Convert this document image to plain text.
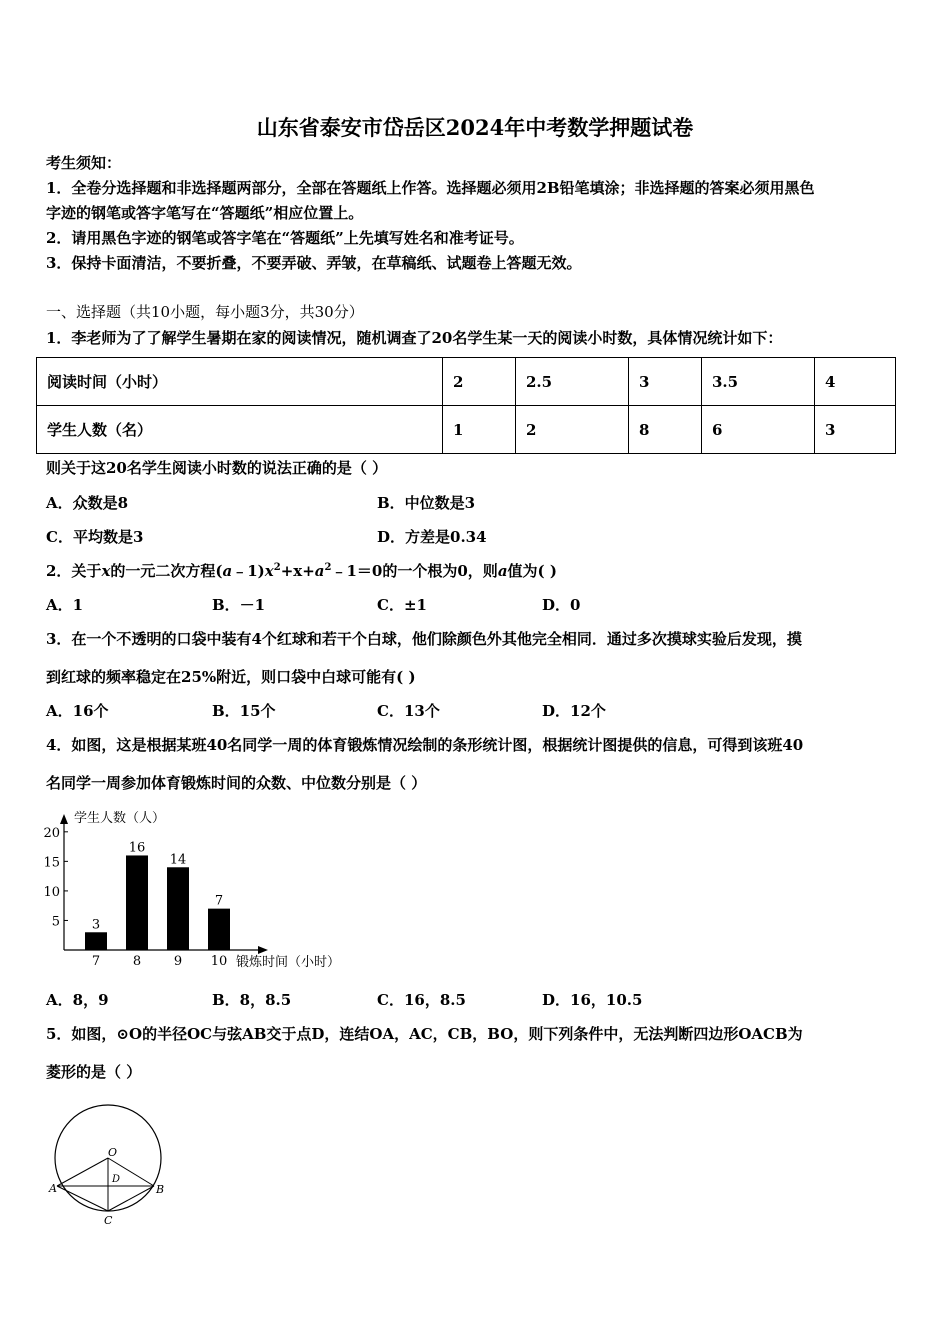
山东省泰安市岱岳区2024年中考数学押题试卷
考生须知：
1．全卷分选择题和非选择题两部分，全部在答题纸上作答。选择题必须用2B铅笔填涂；非选择题的答案必须用黑色
字迹的钢笔或答字笔写在“答题纸”相应位置上。
2．请用黑色字迹的钢笔或答字笔在“答题纸”上先填写姓名和准考证号。
3．保持卡面清洁，不要折叠，不要弄破、弄皱，在草稿纸、试题卷上答题无效。
一、选择题（共10小题，每小题3分，共30分）
1．李老师为了了解学生暑期在家的阅读情况，随机调查了20名学生某一天的阅读小时数，具体情况统计如下：
阅读时间（小时）	2	2.5	3	3.5	4
学生人数（名）	1	2	8	6	3
则关于这20名学生阅读小时数的说法正确的是（ ）
A．众数是8	B．中位数是3
C．平均数是3	D．方差是0.34
2．关于x的一元二次方程$(a﹣1)x^2+x+a^2﹣1=0$的一个根为0，则a值为( )
A．1	B．－1	C．±1	D．0
3．在一个不透明的口袋中装有4个红球和若干个白球，他们除颜色外其他完全相同．通过多次摸球实验后发现，摸
到红球的频率稳定在25%附近，则口袋中白球可能有( )
A．16个	B．15个	C．13个	D．12个
4．如图，这是根据某班40名同学一周的体育锻炼情况绘制的条形统计图，根据统计图提供的信息，可得到该班40
名同学一周参加体育锻炼时间的众数、中位数分别是（ ）
学生人数（人）
锻炼时间（小时）
5
10
15
20
3
7
16
8
14
9
7
10
A．8，9	B．8，8.5	C．16，8.5	D．16，10.5
5．如图，⊙O的半径OC与弦AB交于点D，连结OA，AC，CB，BO，则下列条件中，无法判断四边形OACB为
菱形的是（ ）
O
A	B
C
D
